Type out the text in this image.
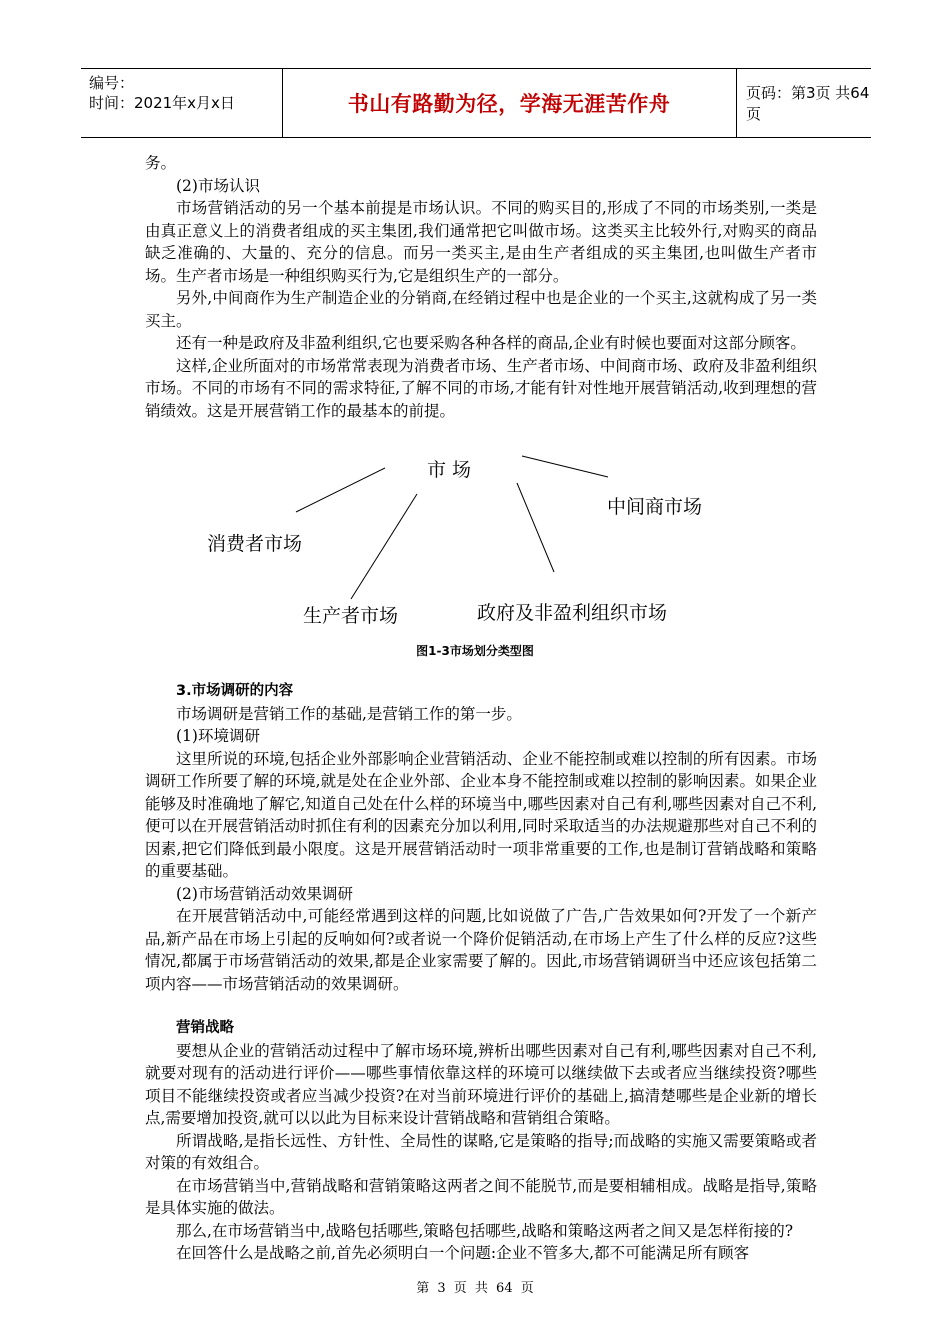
编号：
时间：2021年x月x日	书山有路勤为径，学海无涯苦作舟	页码：第3页 共64页

务。

(2)市场认识

市场营销活动的另一个基本前提是市场认识。不同的购买目的,形成了不同的市场类别,一类是由真正意义上的消费者组成的买主集团,我们通常把它叫做市场。这类买主比较外行,对购买的商品缺乏准确的、大量的、充分的信息。而另一类买主,是由生产者组成的买主集团,也叫做生产者市场。生产者市场是一种组织购买行为,它是组织生产的一部分。

另外,中间商作为生产制造企业的分销商,在经销过程中也是企业的一个买主,这就构成了另一类买主。

还有一种是政府及非盈利组织,它也要采购各种各样的商品,企业有时候也要面对这部分顾客。

这样,企业所面对的市场常常表现为消费者市场、生产者市场、中间商市场、政府及非盈利组织市场。不同的市场有不同的需求特征,了解不同的市场,才能有针对性地开展营销活动,收到理想的营销绩效。这是开展营销工作的最基本的前提。

市 场
中间商市场
消费者市场
生产者市场	政府及非盈利组织市场
图1-3市场划分类型图
3.市场调研的内容

市场调研是营销工作的基础,是营销工作的第一步。

(1)环境调研

这里所说的环境,包括企业外部影响企业营销活动、企业不能控制或难以控制的所有因素。市场调研工作所要了解的环境,就是处在企业外部、企业本身不能控制或难以控制的影响因素。如果企业能够及时准确地了解它,知道自己处在什么样的环境当中,哪些因素对自己有利,哪些因素对自己不利,便可以在开展营销活动时抓住有利的因素充分加以利用,同时采取适当的办法规避那些对自己不利的因素,把它们降低到最小限度。这是开展营销活动时一项非常重要的工作,也是制订营销战略和策略的重要基础。

(2)市场营销活动效果调研

在开展营销活动中,可能经常遇到这样的问题,比如说做了广告,广告效果如何?开发了一个新产品,新产品在市场上引起的反响如何?或者说一个降价促销活动,在市场上产生了什么样的反应?这些情况,都属于市场营销活动的效果,都是企业家需要了解的。因此,市场营销调研当中还应该包括第二项内容——市场营销活动的效果调研。

营销战略

要想从企业的营销活动过程中了解市场环境,辨析出哪些因素对自己有利,哪些因素对自己不利,就要对现有的活动进行评价——哪些事情依靠这样的环境可以继续做下去或者应当继续投资?哪些项目不能继续投资或者应当减少投资?在对当前环境进行评价的基础上,搞清楚哪些是企业新的增长点,需要增加投资,就可以以此为目标来设计营销战略和营销组合策略。

所谓战略,是指长远性、方针性、全局性的谋略,它是策略的指导;而战略的实施又需要策略或者对策的有效组合。

在市场营销当中,营销战略和营销策略这两者之间不能脱节,而是要相辅相成。战略是指导,策略是具体实施的做法。

那么,在市场营销当中,战略包括哪些,策略包括哪些,战略和策略这两者之间又是怎样衔接的?

在回答什么是战略之前,首先必须明白一个问题:企业不管多大,都不可能满足所有顾客

第 3 页 共 64 页
